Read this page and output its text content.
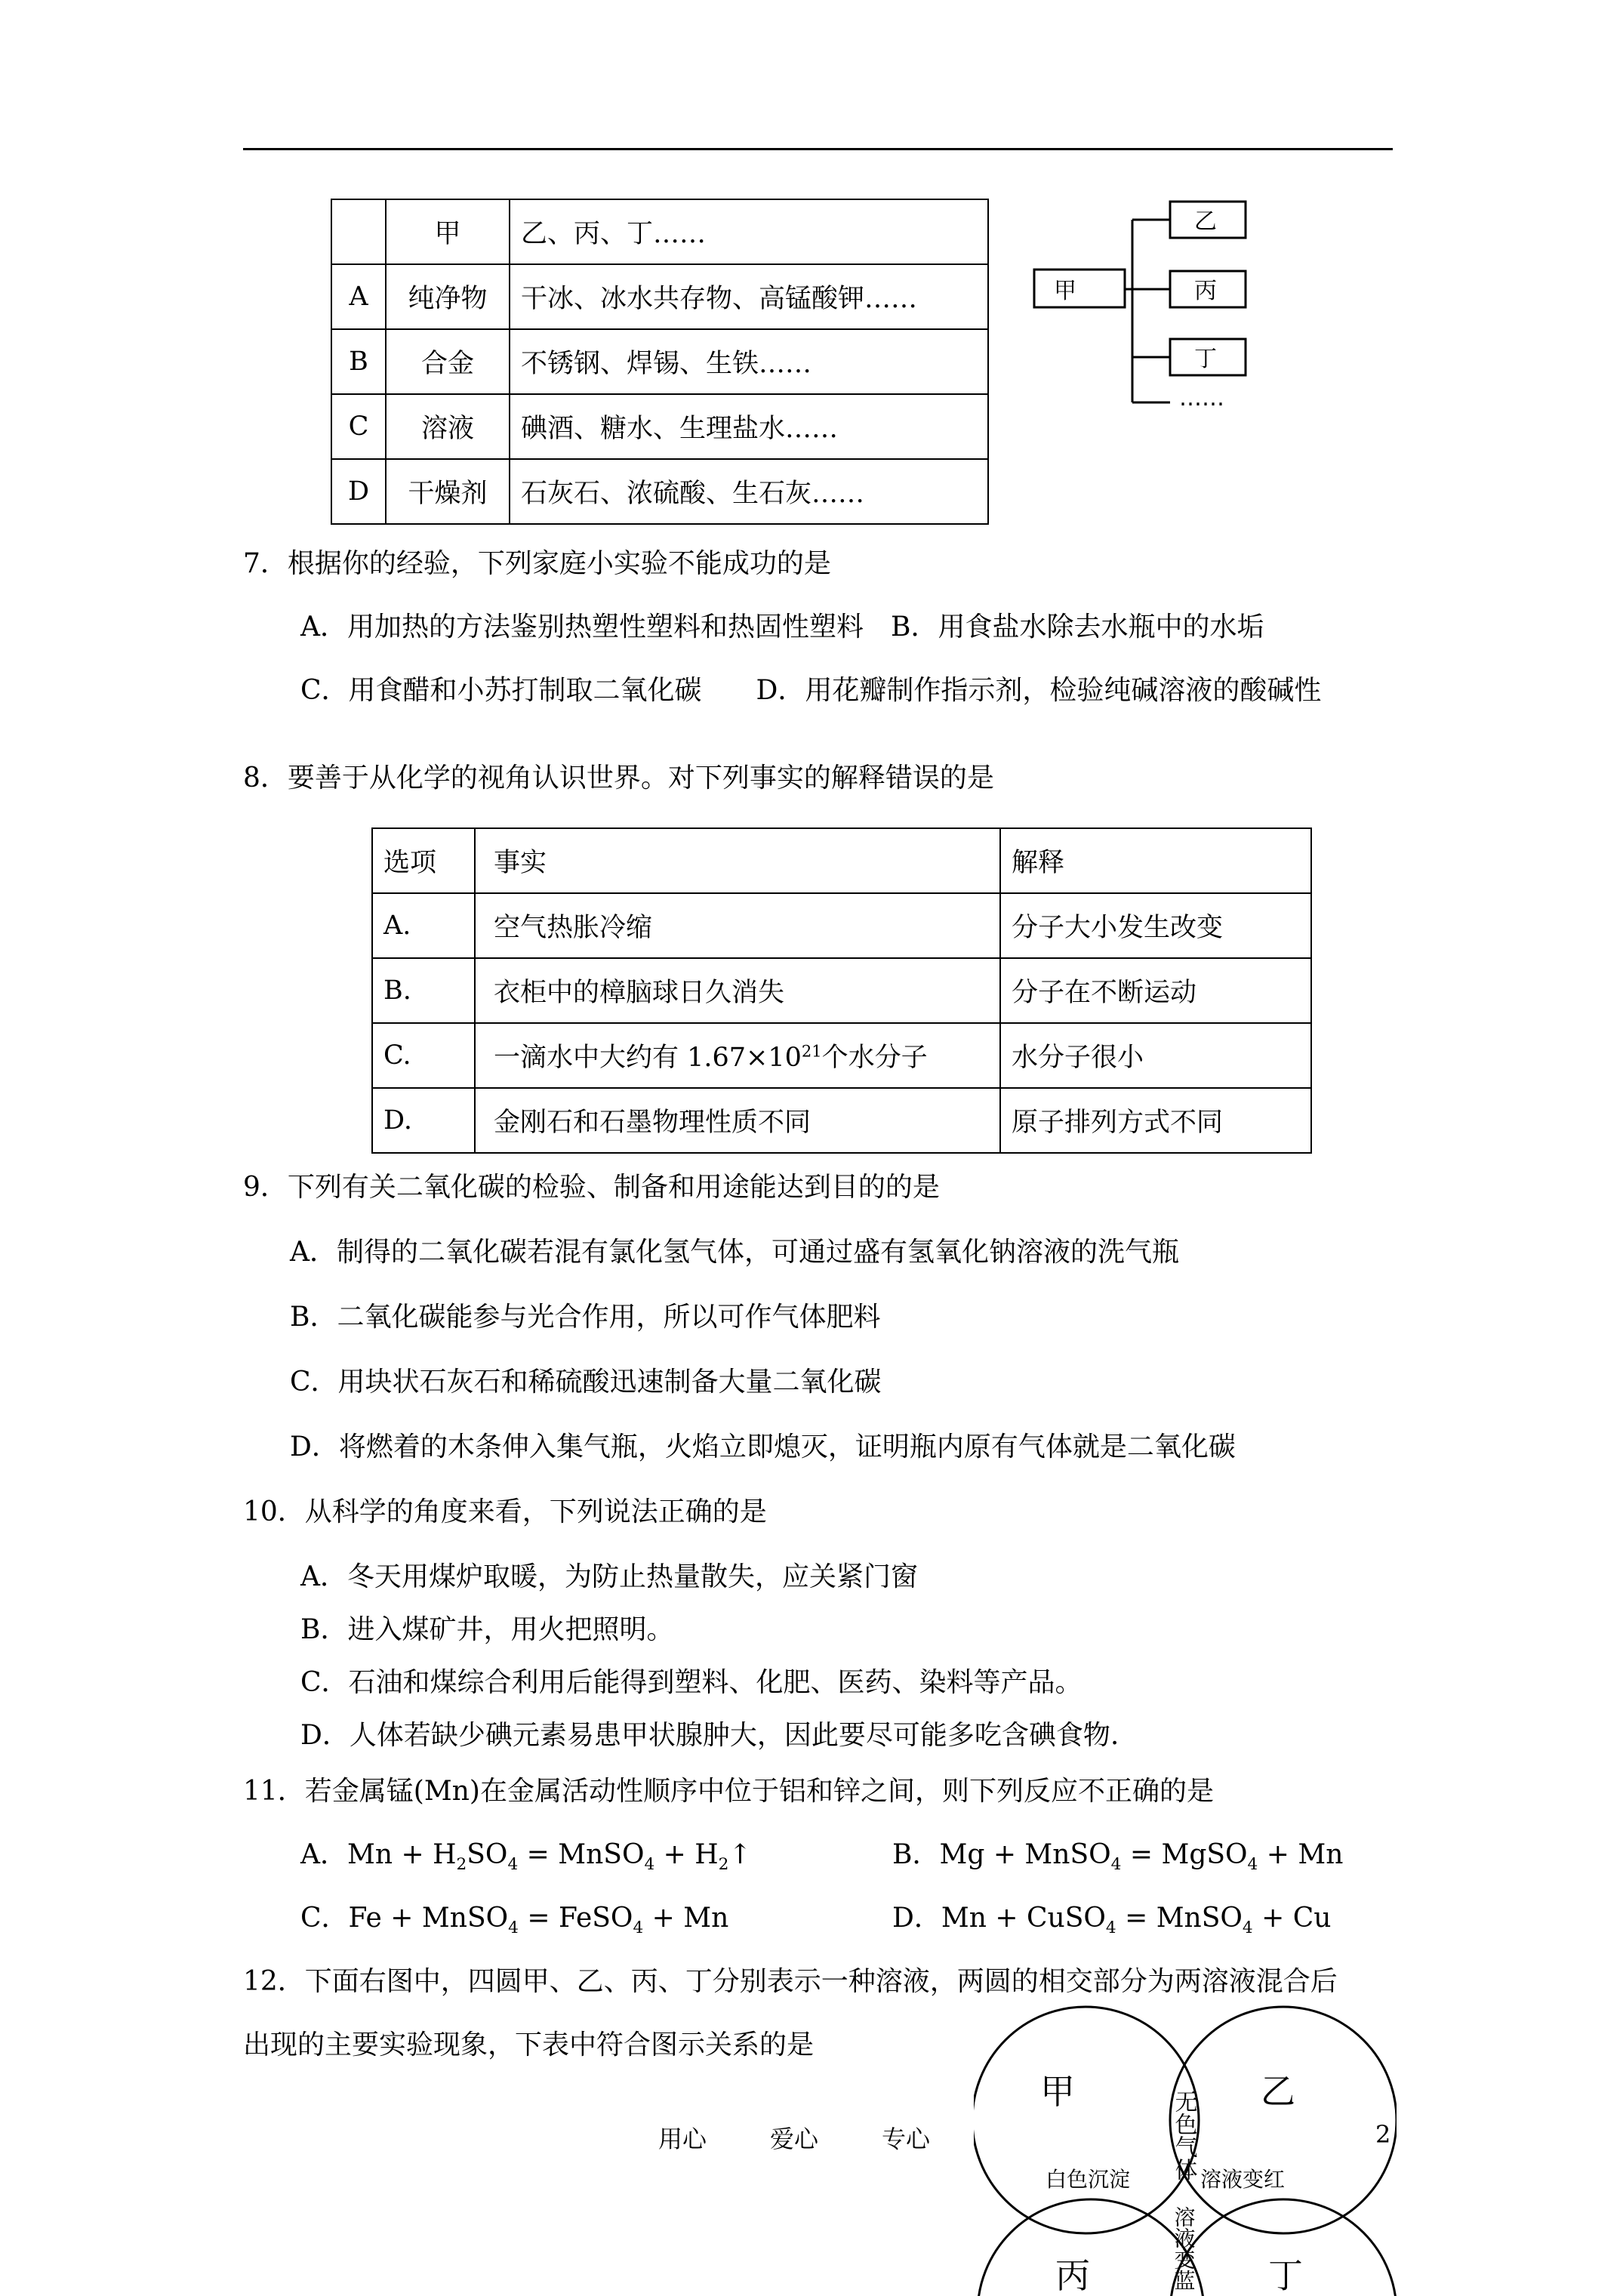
	甲	乙、丙、丁……
A	纯净物	干冰、冰水共存物、高锰酸钾……
B	合金	不锈钢、焊锡、生铁……
C	溶液	碘酒、糖水、生理盐水……
D	干燥剂	石灰石、浓硫酸、生石灰……
甲
乙
丙
丁
……
7．根据你的经验，下列家庭小实验不能成功的是
A．用加热的方法鉴别热塑性塑料和热固性塑料　B．用食盐水除去水瓶中的水垢
C．用食醋和小苏打制取二氧化碳　　D．用花瓣制作指示剂，检验纯碱溶液的酸碱性
8．要善于从化学的视角认识世界。对下列事实的解释错误的是
选项	事实	解释
A.	空气热胀冷缩	分子大小发生改变
B.	衣柜中的樟脑球日久消失	分子在不断运动
C.	一滴水中大约有 $1.67\times 10^{21}$个水分子	水分子很小
D.	金刚石和石墨物理性质不同	原子排列方式不同
9．下列有关二氧化碳的检验、制备和用途能达到目的的是
A．制得的二氧化碳若混有氯化氢气体，可通过盛有氢氧化钠溶液的洗气瓶
B．二氧化碳能参与光合作用，所以可作气体肥料
C．用块状石灰石和稀硫酸迅速制备大量二氧化碳
D．将燃着的木条伸入集气瓶，火焰立即熄灭，证明瓶内原有气体就是二氧化碳
10．从科学的角度来看，下列说法正确的是
A．冬天用煤炉取暖，为防止热量散失，应关紧门窗
B．进入煤矿井，用火把照明。
C．石油和煤综合利用后能得到塑料、化肥、医药、染料等产品。
D．人体若缺少碘元素易患甲状腺肿大，因此要尽可能多吃含碘食物.
11．若金属锰(Mn)在金属活动性顺序中位于铝和锌之间，则下列反应不正确的是
A．$Mn + H_2SO_4$ = MnSO$_4$ + $H_2↑$	B．Mg + MnSO$_4$ = MgSO$_4$ + Mn
C．Fe + MnSO$_4$ = FeSO$_4$ + Mn	D．Mn + CuSO$_4$ = MnSO$_4$ + Cu
12．下面右图中，四圆甲、乙、丙、丁分别表示一种溶液，两圆的相交部分为两溶液混合后
出现的主要实验现象，下表中符合图示关系的是
甲	乙
丙	丁
无色气体
白色沉淀	溶液变红
溶液变蓝
用心	爱心	专心	2
